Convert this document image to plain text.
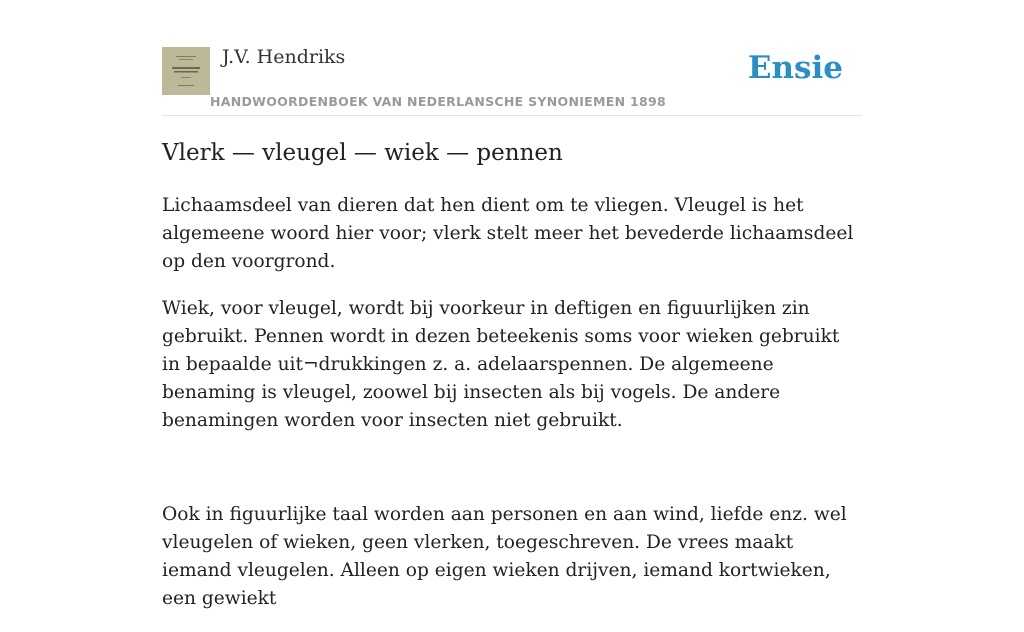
J.V. Hendriks
HANDWOORDENBOEK VAN NEDERLANSCHE SYNONIEMEN 1898
Ensie
Vlerk — vleugel — wiek — pennen

Lichaamsdeel van dieren dat hen dient om te vliegen. Vleugel is het algemeene woord hier voor; vlerk stelt meer het bevederde lichaamsdeel op den voorgrond.

Wiek, voor vleugel, wordt bij voorkeur in deftigen en figuurlijken zin gebruikt. Pennen wordt in dezen beteekenis soms voor wieken gebruikt in bepaalde uit¬drukkingen z. a. adelaarspennen. De algemeene benaming is vleugel, zoowel bij insecten als bij vogels. De andere benamingen worden voor insecten niet gebruikt.

Ook in figuurlijke taal worden aan personen en aan wind, liefde enz. wel vleugelen of wieken, geen vlerken, toegeschreven. De vrees maakt iemand vleugelen. Alleen op eigen wieken drijven, iemand kortwieken, een gewiekt
